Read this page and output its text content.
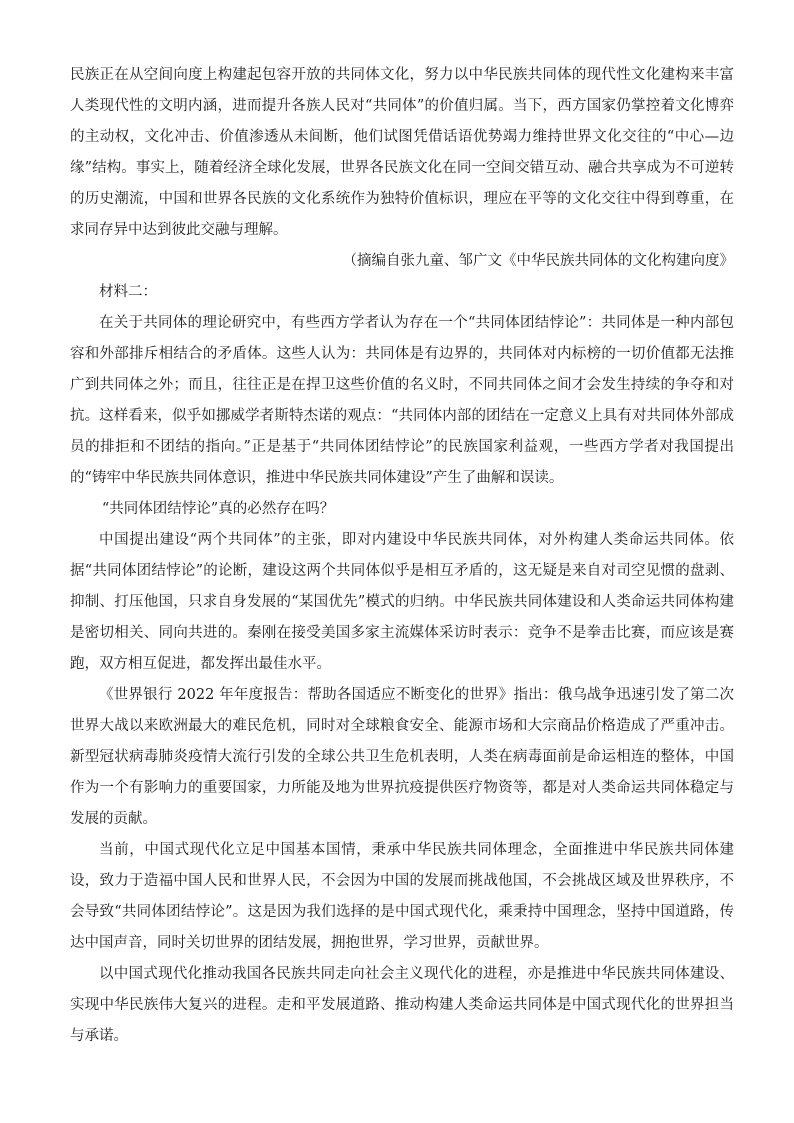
民族正在从空间向度上构建起包容开放的共同体文化，努力以中华民族共同体的现代性文化建构来丰富人类现代性的文明内涵，进而提升各族人民对“共同体”的价值归属。当下，西方国家仍掌控着文化博弈的主动权，文化冲击、价值渗透从未间断，他们试图凭借话语优势竭力维持世界文化交往的“中心—边缘”结构。事实上，随着经济全球化发展，世界各民族文化在同一空间交错互动、融合共享成为不可逆转的历史潮流，中国和世界各民族的文化系统作为独特价值标识，理应在平等的文化交往中得到尊重，在求同存异中达到彼此交融与理解。

（摘编自张九童、邹广文《中华民族共同体的文化构建向度》

材料二：

在关于共同体的理论研究中，有些西方学者认为存在一个“共同体团结悖论”：共同体是一种内部包容和外部排斥相结合的矛盾体。这些人认为：共同体是有边界的，共同体对内标榜的一切价值都无法推广到共同体之外；而且，往往正是在捍卫这些价值的名义时，不同共同体之间才会发生持续的争夺和对抗。这样看来，似乎如挪威学者斯特杰诺的观点：“共同体内部的团结在一定意义上具有对共同体外部成员的排拒和不团结的指向。”正是基于“共同体团结悖论”的民族国家利益观，一些西方学者对我国提出的“铸牢中华民族共同体意识，推进中华民族共同体建设”产生了曲解和误读。

“共同体团结悖论”真的必然存在吗？

中国提出建设“两个共同体”的主张，即对内建设中华民族共同体，对外构建人类命运共同体。依据“共同体团结悖论”的论断，建设这两个共同体似乎是相互矛盾的，这无疑是来自对司空见惯的盘剥、抑制、打压他国，只求自身发展的“某国优先”模式的归纳。中华民族共同体建设和人类命运共同体构建是密切相关、同向共进的。秦刚在接受美国多家主流媒体采访时表示：竞争不是拳击比赛，而应该是赛跑，双方相互促进，都发挥出最佳水平。

《世界银行 2022 年年度报告：帮助各国适应不断变化的世界》指出：俄乌战争迅速引发了第二次世界大战以来欧洲最大的难民危机，同时对全球粮食安全、能源市场和大宗商品价格造成了严重冲击。新型冠状病毒肺炎疫情大流行引发的全球公共卫生危机表明，人类在病毒面前是命运相连的整体，中国作为一个有影响力的重要国家，力所能及地为世界抗疫提供医疗物资等，都是对人类命运共同体稳定与发展的贡献。

当前，中国式现代化立足中国基本国情，秉承中华民族共同体理念，全面推进中华民族共同体建设，致力于造福中国人民和世界人民，不会因为中国的发展而挑战他国，不会挑战区域及世界秩序，不会导致“共同体团结悖论”。这是因为我们选择的是中国式现代化，乘秉持中国理念，坚持中国道路，传达中国声音，同时关切世界的团结发展，拥抱世界，学习世界，贡献世界。

以中国式现代化推动我国各民族共同走向社会主义现代化的进程，亦是推进中华民族共同体建设、实现中华民族伟大复兴的进程。走和平发展道路、推动构建人类命运共同体是中国式现代化的世界担当与承诺。
